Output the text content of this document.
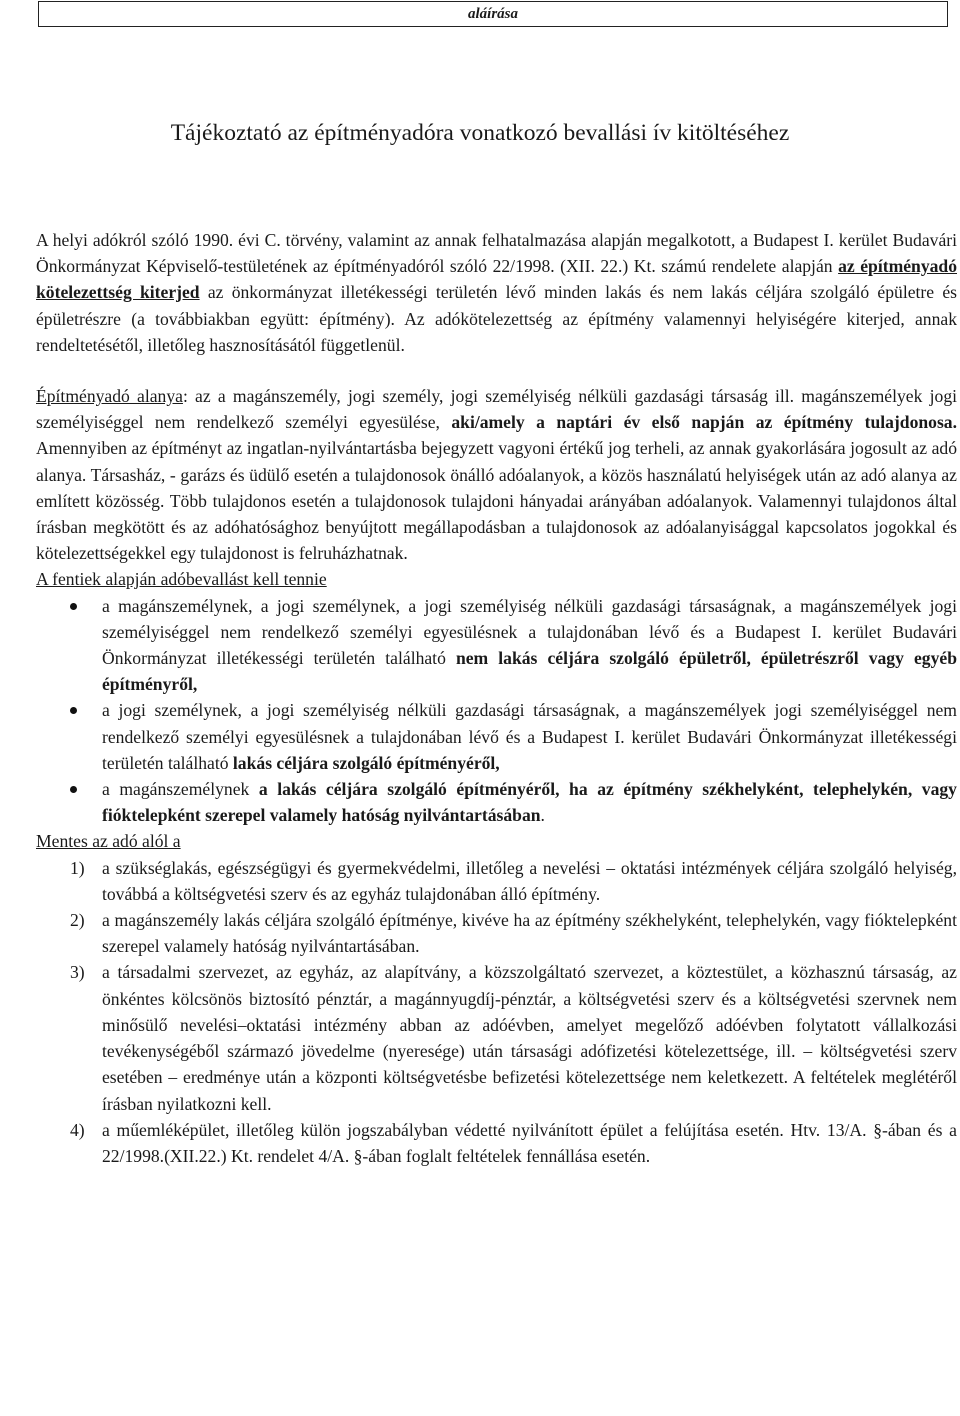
aláírása
Tájékoztató az építményadóra vonatkozó bevallási ív kitöltéséhez

A helyi adókról szóló 1990. évi C. törvény, valamint az annak felhatalmazása alapján megalkotott, a Budapest I. kerület Budavári Önkormányzat Képviselő-testületének az építményadóról szóló 22/1998. (XII. 22.) Kt. számú rendelete alapján az építményadó kötelezettség kiterjed az önkormányzat illetékességi területén lévő minden lakás és nem lakás céljára szolgáló épületre és épületrészre (a továbbiakban együtt: építmény). Az adókötelezettség az építmény valamennyi helyiségére kiterjed, annak rendeltetésétől, illetőleg hasznosításától függetlenül.

Építményadó alanya: az a magánszemély, jogi személy, jogi személyiség nélküli gazdasági társaság ill. magánszemélyek jogi személyiséggel nem rendelkező személyi egyesülése, aki/amely a naptári év első napján az építmény tulajdonosa. Amennyiben az építményt az ingatlan-nyilvántartásba bejegyzett vagyoni értékű jog terheli, az annak gyakorlására jogosult az adó alanya. Társasház, - garázs és üdülő esetén a tulajdonosok önálló adóalanyok, a közös használatú helyiségek után az adó alanya az említett közösség. Több tulajdonos esetén a tulajdonosok tulajdoni hányadai arányában adóalanyok. Valamennyi tulajdonos által írásban megkötött és az adóhatósághoz benyújtott megállapodásban a tulajdonosok az adóalanyisággal kapcsolatos jogokkal és kötelezettségekkel egy tulajdonost is felruházhatnak.

A fentiek alapján adóbevallást kell tennie
a magánszemélynek, a jogi személynek, a jogi személyiség nélküli gazdasági társaságnak, a magánszemélyek jogi személyiséggel nem rendelkező személyi egyesülésnek a tulajdonában lévő és a Budapest I. kerület Budavári Önkormányzat illetékességi területén található nem lakás céljára szolgáló épületről, épületrészről vagy egyéb építményről,
a jogi személynek, a jogi személyiség nélküli gazdasági társaságnak, a magánszemélyek jogi személyiséggel nem rendelkező személyi egyesülésnek a tulajdonában lévő és a Budapest I. kerület Budavári Önkormányzat illetékességi területén található lakás céljára szolgáló építményéről,
a magánszemélynek a lakás céljára szolgáló építményéről, ha az építmény székhelyként, telephelykén, vagy fióktelepként szerepel valamely hatóság nyilvántartásában.
Mentes az adó alól a
1) a szükséglakás, egészségügyi és gyermekvédelmi, illetőleg a nevelési – oktatási intézmények céljára szolgáló helyiség, továbbá a költségvetési szerv és az egyház tulajdonában álló építmény.
2) a magánszemély lakás céljára szolgáló építménye, kivéve ha az építmény székhelyként, telephelykén, vagy fióktelepként szerepel valamely hatóság nyilvántartásában.
3) a társadalmi szervezet, az egyház, az alapítvány, a közszolgáltató szervezet, a köztestület, a közhasznú társaság, az önkéntes kölcsönös biztosító pénztár, a magánnyugdíj-pénztár, a költségvetési szerv és a költségvetési szervnek nem minősülő nevelési–oktatási intézmény abban az adóévben, amelyet megelőző adóévben folytatott vállalkozási tevékenységéből származó jövedelme (nyeresége) után társasági adófizetési kötelezettsége, ill. – költségvetési szerv esetében – eredménye után a központi költségvetésbe befizetési kötelezettsége nem keletkezett. A feltételek meglétéről írásban nyilatkozni kell.
4) a műemléképület, illetőleg külön jogszabályban védetté nyilvánított épület a felújítása esetén. Htv. 13/A. §-ában és a 22/1998.(XII.22.) Kt. rendelet 4/A. §-ában foglalt feltételek fennállása esetén.
